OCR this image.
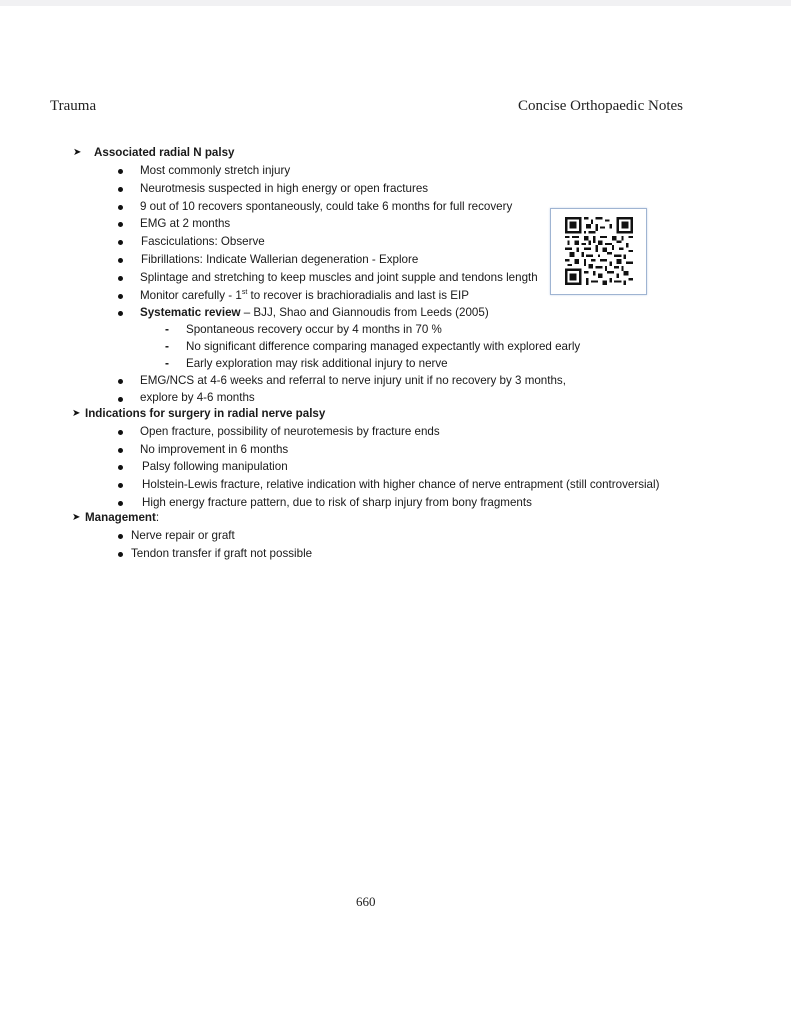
Trauma	Concise Orthopaedic Notes
➤ Associated radial N palsy
Most commonly stretch injury
Neurotmesis suspected in high energy or open fractures
9 out of 10 recovers spontaneously, could take 6 months for full recovery
EMG at 2 months
Fasciculations: Observe
Fibrillations: Indicate Wallerian degeneration - Explore
Splintage and stretching to keep muscles and joint supple and tendons length
Monitor carefully - 1st to recover is brachioradialis and last is EIP
Systematic review – BJJ, Shao and Giannoudis from Leeds (2005)
- Spontaneous recovery occur by 4 months in 70 %
- No significant difference comparing managed expectantly with explored early
- Early exploration may risk additional injury to nerve
EMG/NCS at 4-6 weeks and referral to nerve injury unit if no recovery by 3 months,
explore by 4-6 months
➤ Indications for surgery in radial nerve palsy
Open fracture, possibility of neurotemesis by fracture ends
No improvement in 6 months
Palsy following manipulation
Holstein-Lewis fracture, relative indication with higher chance of nerve entrapment (still controversial)
High energy fracture pattern, due to risk of sharp injury from bony fragments
➤ Management:
Nerve repair or graft
Tendon transfer if graft not possible
660
